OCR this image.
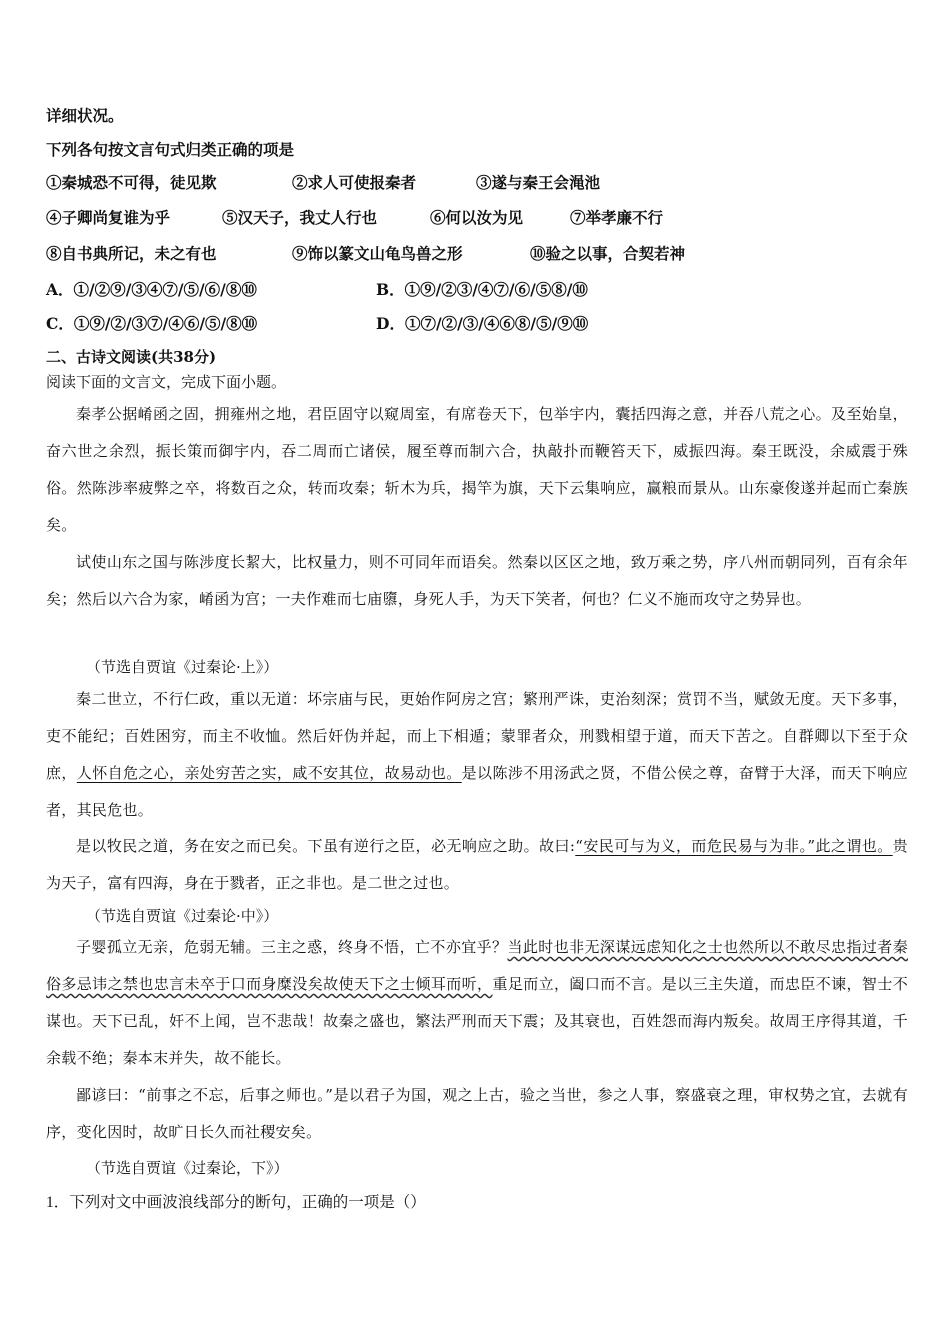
详细状况。
下列各句按文言句式归类正确的项是
①秦城恐不可得，徒见欺	②求人可使报秦者	③遂与秦王会渑池
④子卿尚复谁为乎	⑤汉天子，我丈人行也	⑥何以汝为见	⑦举孝廉不行
⑧自书典所记，未之有也	⑨饰以篆文山龟鸟兽之形	⑩验之以事，合契若神
A．①/②⑨/③④⑦/⑤/⑥/⑧⑩	B．①⑨/②③/④⑦/⑥/⑤⑧/⑩
C．①⑨/②/③⑦/④⑥/⑤/⑧⑩	D．①⑦/②/③/④⑥⑧/⑤/⑨⑩
二、古诗文阅读(共38分)
阅读下面的文言文，完成下面小题。
秦孝公据崤函之固，拥雍州之地，君臣固守以窥周室，有席卷天下，包举宇内，囊括四海之意，并吞八荒之心。及至始皇，奋六世之余烈，振长策而御宇内，吞二周而亡诸侯，履至尊而制六合，执敲扑而鞭笞天下，威振四海。秦王既没，余威震于殊俗。然陈涉率疲弊之卒，将数百之众，转而攻秦；斩木为兵，揭竿为旗，天下云集响应，赢粮而景从。山东豪俊遂并起而亡秦族矣。
试使山东之国与陈涉度长絜大，比权量力，则不可同年而语矣。然秦以区区之地，致万乘之势，序八州而朝同列，百有余年矣；然后以六合为家，崤函为宫；一夫作难而七庙隳，身死人手，为天下笑者，何也？仁义不施而攻守之势异也。
（节选自贾谊《过秦论·上》）
秦二世立，不行仁政，重以无道：坏宗庙与民，更始作阿房之宫；繁刑严诛，吏治刻深；赏罚不当，赋敛无度。天下多事，吏不能纪；百姓困穷，而主不收恤。然后奸伪并起，而上下相遁；蒙罪者众，刑戮相望于道，而天下苦之。自群卿以下至于众庶，人怀自危之心，亲处穷苦之实，咸不安其位，故易动也。是以陈涉不用汤武之贤，不借公侯之尊，奋臂于大泽，而天下响应者，其民危也。
是以牧民之道，务在安之而已矣。下虽有逆行之臣，必无响应之助。故曰:“安民可与为义，而危民易与为非。”此之谓也。贵为天子，富有四海，身在于戮者，正之非也。是二世之过也。
（节选自贾谊《过秦论·中》）
子婴孤立无亲，危弱无辅。三主之惑，终身不悟，亡不亦宜乎？当此时也非无深谋远虑知化之士也然所以不敢尽忠指过者秦俗多忌讳之禁也忠言未卒于口而身糜没矣故使天下之士倾耳而听，重足而立，阖口而不言。是以三主失道，而忠臣不谏，智士不谋也。天下已乱，奸不上闻，岂不悲哉！故秦之盛也，繁法严刑而天下震；及其衰也，百姓怨而海内叛矣。故周王序得其道，千余载不绝；秦本末并失，故不能长。
鄙谚曰：“前事之不忘，后事之师也。”是以君子为国，观之上古，验之当世，参之人事，察盛衰之理，审权势之宜，去就有序，变化因时，故旷日长久而社稷安矣。
（节选自贾谊《过秦论，下》）
1．下列对文中画波浪线部分的断句，正确的一项是（）
